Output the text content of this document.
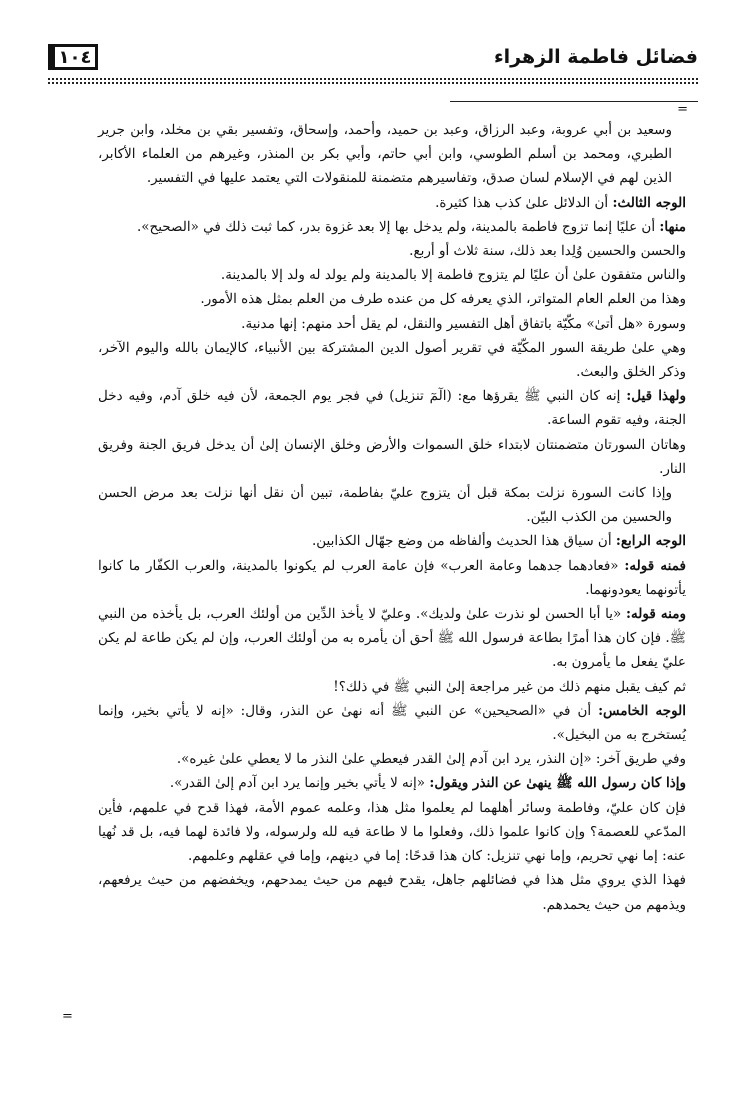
فضائل فاطمة الزهراء
١٠٤
=

وسعيد بن أبي عروبة، وعبد الرزاق، وعبد بن حميد، وأحمد، وإسحاق، وتفسير بقي بن مخلد، وابن جرير الطبري، ومحمد بن أسلم الطوسي، وابن أبي حاتم، وأبي بكر بن المنذر، وغيرهم من العلماء الأكابر، الذين لهم في الإسلام لسان صدق، وتفاسيرهم متضمنة للمنقولات التي يعتمد عليها في التفسير.

الوجه الثالث: أن الدلائل علىٰ كذب هذا كثيرة.

منها: أن عليًا إنما تزوج فاطمة بالمدينة، ولم يدخل بها إلا بعد غزوة بدر، كما ثبت ذلك في «الصحيح».

والحسن والحسين وُلِدا بعد ذلك، سنة ثلاث أو أربع.

والناس متفقون علىٰ أن عليًا لم يتزوج فاطمة إلا بالمدينة ولم يولد له ولد إلا بالمدينة.

وهذا من العلم العام المتواتر، الذي يعرفه كل من عنده طرف من العلم بمثل هذه الأمور.

وسورة «هل أتىٰ» مكّيّة باتفاق أهل التفسير والنقل، لم يقل أحد منهم: إنها مدنية.

وهي علىٰ طريقة السور المكّيّة في تقرير أصول الدين المشتركة بين الأنبياء، كالإيمان بالله واليوم الآخر، وذكر الخلق والبعث.

ولهذا قيل: إنه كان النبي ﷺ يقرؤها مع: (الٓمٓ تنزيل) في فجر يوم الجمعة، لأن فيه خلق آدم، وفيه دخل الجنة، وفيه تقوم الساعة.

وهاتان السورتان متضمنتان لابتداء خلق السموات والأرض وخلق الإنسان إلىٰ أن يدخل فريق الجنة وفريق النار.

وإذا كانت السورة نزلت بمكة قبل أن يتزوج عليّ بفاطمة، تبين أن نقل أنها نزلت بعد مرض الحسن والحسين من الكذب البيّن.

الوجه الرابع: أن سياق هذا الحديث وألفاظه من وضع جهّال الكذابين.

فمنه قوله: «فعادهما جدهما وعامة العرب» فإن عامة العرب لم يكونوا بالمدينة، والعرب الكفّار ما كانوا يأتونهما يعودونهما.

ومنه قوله: «يا أبا الحسن لو نذرت علىٰ ولديك». وعليّ لا يأخذ الدِّين من أولئك العرب، بل يأخذه من النبي ﷺ. فإن كان هذا أمرًا بطاعة فرسول الله ﷺ أحق أن يأمره به من أولئك العرب، وإن لم يكن طاعة لم يكن عليّ يفعل ما يأمرون به.

ثم كيف يقبل منهم ذلك من غير مراجعة إلىٰ النبي ﷺ في ذلك؟!

الوجه الخامس: أن في «الصحيحين» عن النبي ﷺ أنه نهىٰ عن النذر، وقال: «إنه لا يأتي بخير، وإنما يُستخرج به من البخيل».

وفي طريق آخر: «إن النذر، يرد ابن آدم إلىٰ القدر فيعطي علىٰ النذر ما لا يعطي علىٰ غيره».

وإذا كان رسول الله ﷺ ينهىٰ عن النذر ويقول: «إنه لا يأتي بخير وإنما يرد ابن آدم إلىٰ القدر».

فإن كان عليّ، وفاطمة وسائر أهلهما لم يعلموا مثل هذا، وعلمه عموم الأمة، فهذا قدح في علمهم، فأين المدّعي للعصمة؟ وإن كانوا علموا ذلك، وفعلوا ما لا طاعة فيه لله ولرسوله، ولا فائدة لهما فيه، بل قد نُهيا عنه: إما نهي تحريم، وإما نهي تنزيل: كان هذا قدحًا: إما في دينهم، وإما في عقلهم وعلمهم.

فهذا الذي يروي مثل هذا في فضائلهم جاهل، يقدح فيهم من حيث يمدحهم، ويخفضهم من حيث يرفعهم، ويذمهم من حيث يحمدهم.

=
